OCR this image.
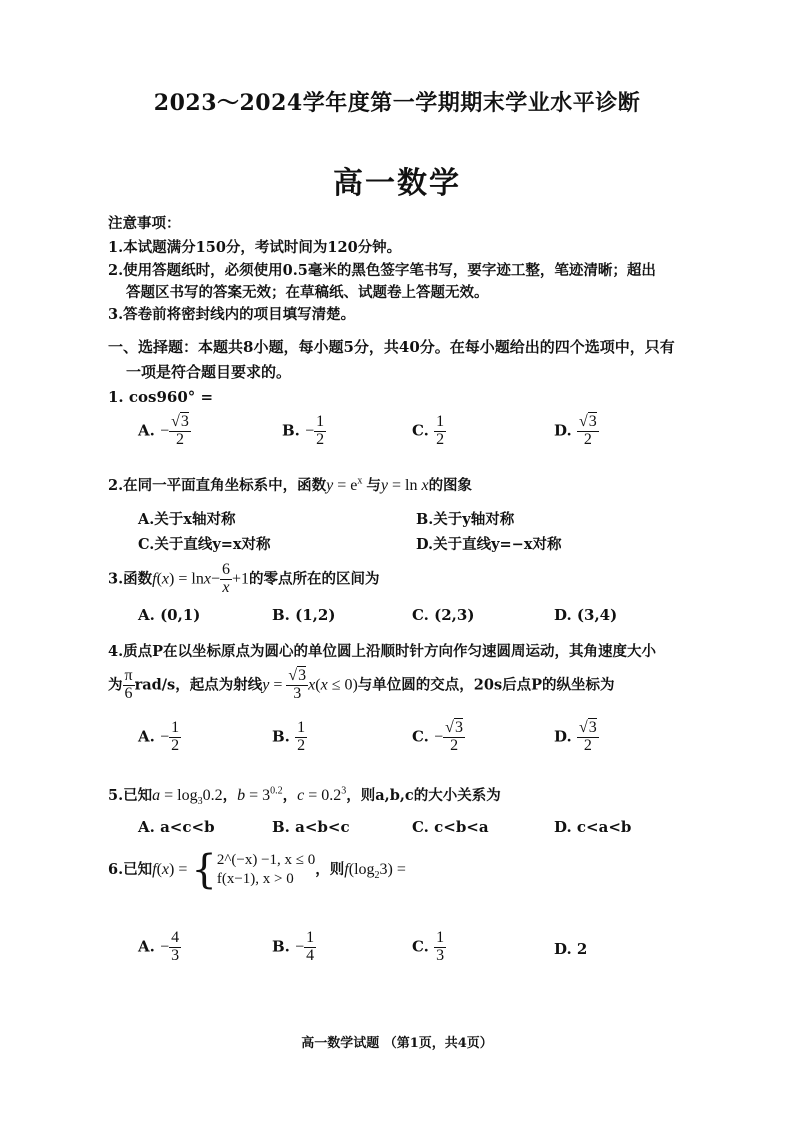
2023～2024学年度第一学期期末学业水平诊断
高一数学
注意事项：
1.本试题满分150分，考试时间为120分钟。
2.使用答题纸时，必须使用0.5毫米的黑色签字笔书写，要字迹工整，笔迹清晰；超出
答题区书写的答案无效；在草稿纸、试题卷上答题无效。
3.答卷前将密封线内的项目填写清楚。
一、选择题：本题共8小题，每小题5分，共40分。在每小题给出的四个选项中，只有
一项是符合题目要求的。
1. cos960° =
A. − $\frac{√3}{2}$	B. − $\frac{1}{2}$	C. $\frac{1}{2}$	D. $\frac{√3}{2}$
2.在同一平面直角坐标系中，函数$y = e^x$ 与y = ln x的图象
A.关于x轴对称	B.关于y轴对称
C.关于直线y=x对称	D.关于直线y=−x对称
3.函数$f(x) = \ln x- \frac{6}{x} +1$的零点所在的区间为
A. (0,1)	B. (1,2)	C. (2,3)	D. (3,4)
4.质点P在以坐标原点为圆心的单位圆上沿顺时针方向作匀速圆周运动，其角速度大小
为 $\frac{\pi}{6} rad/s$，起点为射线$y = \frac{√3}{3} x(x \le 0)$与单位圆的交点，20s后点P的纵坐标为
A. − $\frac{1}{2}$	B. $\frac{1}{2}$	C. − $\frac{√3}{2}$	D. $\frac{√3}{2}$
5.已知$a = \log_30.2$，$b = 3^{0.2}$，$c = 0.2^3$，则a,b,c的大小关系为
A. a<c<b	B. a<b<c	C. c<b<a	D. c<a<b
6.已知f(x) = { 2^(−x) −1, x ≤ 0
f(x−1), x > 0
，则$f(\log_23)$ =
A. − $\frac{4}{3}$	B. − $\frac{1}{4}$	C. $\frac{1}{3}$	D. 2
高一数学试题 （第1页，共4页）
